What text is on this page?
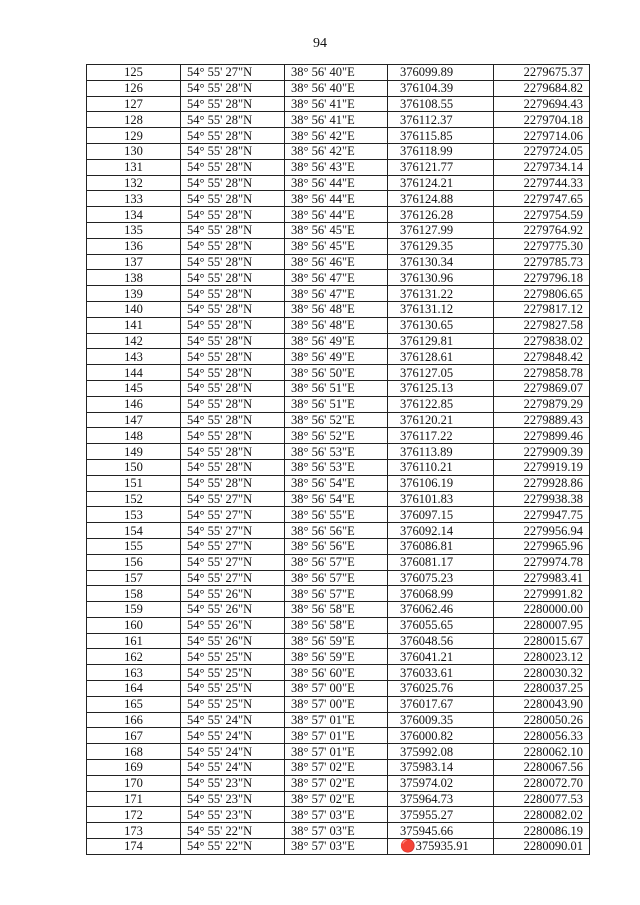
94
125	54° 55' 27"N	38° 56' 40"E	376099.89	2279675.37
126	54° 55' 28"N	38° 56' 40"E	376104.39	2279684.82
127	54° 55' 28"N	38° 56' 41"E	376108.55	2279694.43
128	54° 55' 28"N	38° 56' 41"E	376112.37	2279704.18
129	54° 55' 28"N	38° 56' 42"E	376115.85	2279714.06
130	54° 55' 28"N	38° 56' 42"E	376118.99	2279724.05
131	54° 55' 28"N	38° 56' 43"E	376121.77	2279734.14
132	54° 55' 28"N	38° 56' 44"E	376124.21	2279744.33
133	54° 55' 28"N	38° 56' 44"E	376124.88	2279747.65
134	54° 55' 28"N	38° 56' 44"E	376126.28	2279754.59
135	54° 55' 28"N	38° 56' 45"E	376127.99	2279764.92
136	54° 55' 28"N	38° 56' 45"E	376129.35	2279775.30
137	54° 55' 28"N	38° 56' 46"E	376130.34	2279785.73
138	54° 55' 28"N	38° 56' 47"E	376130.96	2279796.18
139	54° 55' 28"N	38° 56' 47"E	376131.22	2279806.65
140	54° 55' 28"N	38° 56' 48"E	376131.12	2279817.12
141	54° 55' 28"N	38° 56' 48"E	376130.65	2279827.58
142	54° 55' 28"N	38° 56' 49"E	376129.81	2279838.02
143	54° 55' 28"N	38° 56' 49"E	376128.61	2279848.42
144	54° 55' 28"N	38° 56' 50"E	376127.05	2279858.78
145	54° 55' 28"N	38° 56' 51"E	376125.13	2279869.07
146	54° 55' 28"N	38° 56' 51"E	376122.85	2279879.29
147	54° 55' 28"N	38° 56' 52"E	376120.21	2279889.43
148	54° 55' 28"N	38° 56' 52"E	376117.22	2279899.46
149	54° 55' 28"N	38° 56' 53"E	376113.89	2279909.39
150	54° 55' 28"N	38° 56' 53"E	376110.21	2279919.19
151	54° 55' 28"N	38° 56' 54"E	376106.19	2279928.86
152	54° 55' 27"N	38° 56' 54"E	376101.83	2279938.38
153	54° 55' 27"N	38° 56' 55"E	376097.15	2279947.75
154	54° 55' 27"N	38° 56' 56"E	376092.14	2279956.94
155	54° 55' 27"N	38° 56' 56"E	376086.81	2279965.96
156	54° 55' 27"N	38° 56' 57"E	376081.17	2279974.78
157	54° 55' 27"N	38° 56' 57"E	376075.23	2279983.41
158	54° 55' 26"N	38° 56' 57"E	376068.99	2279991.82
159	54° 55' 26"N	38° 56' 58"E	376062.46	2280000.00
160	54° 55' 26"N	38° 56' 58"E	376055.65	2280007.95
161	54° 55' 26"N	38° 56' 59"E	376048.56	2280015.67
162	54° 55' 25"N	38° 56' 59"E	376041.21	2280023.12
163	54° 55' 25"N	38° 56' 60"E	376033.61	2280030.32
164	54° 55' 25"N	38° 57' 00"E	376025.76	2280037.25
165	54° 55' 25"N	38° 57' 00"E	376017.67	2280043.90
166	54° 55' 24"N	38° 57' 01"E	376009.35	2280050.26
167	54° 55' 24"N	38° 57' 01"E	376000.82	2280056.33
168	54° 55' 24"N	38° 57' 01"E	375992.08	2280062.10
169	54° 55' 24"N	38° 57' 02"E	375983.14	2280067.56
170	54° 55' 23"N	38° 57' 02"E	375974.02	2280072.70
171	54° 55' 23"N	38° 57' 02"E	375964.73	2280077.53
172	54° 55' 23"N	38° 57' 03"E	375955.27	2280082.02
173	54° 55' 22"N	38° 57' 03"E	375945.66	2280086.19
174	54° 55' 22"N	38° 57' 03"E	🔴375935.91	2280090.01
